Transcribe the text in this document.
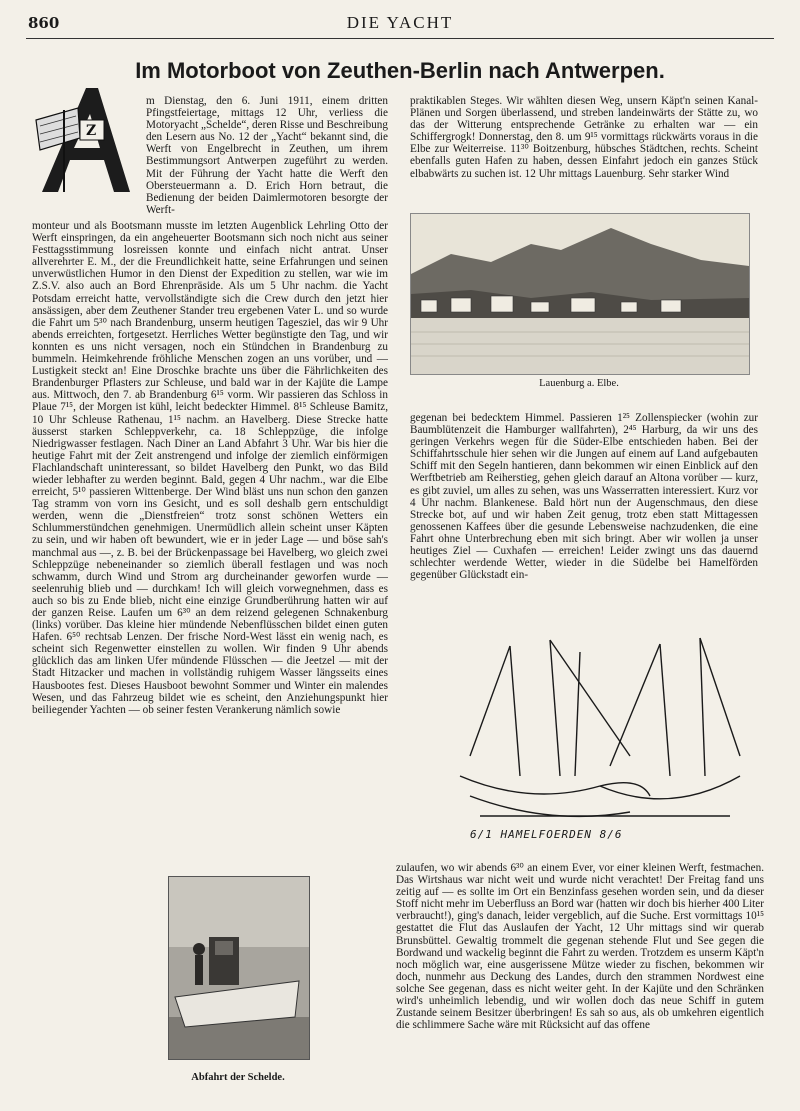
860	DIE YACHT
Im Motorboot von Zeuthen-Berlin nach Antwerpen.
Z

m Dienstag, den 6. Juni 1911, einem dritten Pfingstfeiertage, mittags 12 Uhr, verliess die Motoryacht „Schelde“, deren Risse und Beschreibung den Lesern aus No. 12 der „Yacht“ bekannt sind, die Werft von Engelbrecht in Zeuthen, um ihrem Bestimmungsort Antwerpen zugeführt zu werden. Mit der Führung der Yacht hatte die Werft den Obersteuermann a. D. Erich Horn betraut, die Bedienung der beiden Daimlermotoren besorgte der Werft-

monteur und als Bootsmann musste im letzten Augenblick Lehrling Otto der Werft einspringen, da ein angeheuerter Bootsmann sich noch nicht aus seiner Festtagsstimmung losreissen konnte und einfach nicht antrat. Unser allverehrter E. M., der die Freundlichkeit hatte, seine Erfahrungen und seinen unverwüstlichen Humor in den Dienst der Expedition zu stellen, war wie im Z.S.V. also auch an Bord Ehrenpräside. Als um 5 Uhr nachm. die Yacht Potsdam erreicht hatte, vervollständigte sich die Crew durch den jetzt hier ansässigen, aber dem Zeuthener Stander treu ergebenen Vater L. und so wurde die Fahrt um 5³⁰ nach Brandenburg, unserm heutigen Tagesziel, das wir 9 Uhr abends erreichten, fortgesetzt. Herrliches Wetter begünstigte den Tag, und wir konnten es uns nicht versagen, noch ein Stündchen in Brandenburg zu bummeln. Heimkehrende fröhliche Menschen zogen an uns vorüber, und — Lustigkeit steckt an! Eine Droschke brachte uns über die Fährlichkeiten des Brandenburger Pflasters zur Schleuse, und bald war in der Kajüte die Lampe aus. Mittwoch, den 7. ab Brandenburg 6¹⁵ vorm. Wir passieren das Schloss in Plaue 7¹⁵, der Morgen ist kühl, leicht bedeckter Himmel. 8¹⁵ Schleuse Bamitz, 10 Uhr Schleuse Rathenau, 1¹⁵ nachm. an Havelberg. Diese Strecke hatte äusserst starken Schleppverkehr, ca. 18 Schleppzüge, die infolge Niedrigwasser festlagen. Nach Diner an Land Abfahrt 3 Uhr. War bis hier die heutige Fahrt mit der Zeit anstrengend und infolge der ziemlich einförmigen Flachlandschaft uninteressant, so bildet Havelberg den Punkt, wo das Bild wieder lebhafter zu werden beginnt. Bald, gegen 4 Uhr nachm., war die Elbe erreicht, 5¹⁰ passieren Wittenberge. Der Wind bläst uns nun schon den ganzen Tag stramm von vorn ins Gesicht, und es soll deshalb gern entschuldigt werden, wenn die „Dienstfreien“ trotz sonst schönen Wetters ein Schlummerstündchen genehmigen. Unermüdlich allein scheint unser Käpten zu sein, und wir haben oft bewundert, wie er in jeder Lage — und böse sah's manchmal aus —, z. B. bei der Brückenpassage bei Havelberg, wo gleich zwei Schleppzüge nebeneinander so ziemlich überall festlagen und was noch schwamm, durch Wind und Strom arg durcheinander geworfen wurde — seelenruhig blieb und — durchkam! Ich will gleich vorwegnehmen, dass es auch so bis zu Ende blieb, nicht eine einzige Grundberührung hatten wir auf der ganzen Reise. Laufen um 6³⁰ an dem reizend gelegenen Schnakenburg (links) vorüber. Das kleine hier mündende Nebenflüsschen bildet einen guten Hafen. 6⁵⁰ rechtsab Lenzen. Der frische Nord-West lässt ein wenig nach, es scheint sich Regenwetter einstellen zu wollen. Wir finden 9 Uhr abends glücklich das am linken Ufer mündende Flüsschen — die Jeetzel — mit der Stadt Hitzacker und machen in vollständig ruhigem Wasser längsseits eines Hausbootes fest. Dieses Hausboot bewohnt Sommer und Winter ein malendes Wesen, und das Fahrzeug bildet wie es scheint, den Anziehungspunkt hier beiliegender Yachten — ob seiner festen Verankerung nämlich sowie

Abfahrt der Schelde.

praktikablen Steges. Wir wählten diesen Weg, unsern Käpt'n seinen Kanal-Plänen und Sorgen überlassend, und streben landeinwärts der Stätte zu, wo das der Witterung entsprechende Getränke zu erhalten war — ein Schiffergrogk! Donnerstag, den 8. um 9¹⁵ vormittags rückwärts voraus in die Elbe zur Weiterreise. 11³⁰ Boitzenburg, hübsches Städtchen, rechts. Scheint ebenfalls guten Hafen zu haben, dessen Einfahrt jedoch ein ganzes Stück elbabwärts zu suchen ist. 12 Uhr mittags Lauenburg. Sehr starker Wind

Lauenburg a. Elbe.

gegenan bei bedecktem Himmel. Passieren 1²⁵ Zollenspiecker (wohin zur Baumblütenzeit die Hamburger wallfahrten), 2⁴⁵ Harburg, da wir uns des geringen Verkehrs wegen für die Süder-Elbe entschieden haben. Bei der Schiffahrtsschule hier sehen wir die Jungen auf einem auf Land aufgebauten Schiff mit den Segeln hantieren, dann bekommen wir einen Einblick auf den Werftbetrieb am Reiherstieg, gehen gleich darauf an Altona vorüber — kurz, es gibt zuviel, um alles zu sehen, was uns Wasserratten interessiert. Kurz vor 4 Uhr nachm. Blankenese. Bald hört nun der Augenschmaus, den diese Strecke bot, auf und wir haben Zeit genug, trotz eben statt Mittagessen genossenen Kaffees über die gesunde Lebensweise nachzudenken, die eine Fahrt ohne Unterbrechung eben mit sich bringt. Aber wir wollen ja unser heutiges Ziel — Cuxhafen — erreichen! Leider zwingt uns das dauernd schlechter werdende Wetter, wieder in die Südelbe bei Hamelförden gegenüber Glückstadt ein-

6/1 HAMELFOERDEN 8/6

zulaufen, wo wir abends 6³⁰ an einem Ever, vor einer kleinen Werft, festmachen. Das Wirtshaus war nicht weit und wurde nicht verachtet! Der Freitag fand uns zeitig auf — es sollte im Ort ein Benzinfass gesehen worden sein, und da dieser Stoff nicht mehr im Ueberfluss an Bord war (hatten wir doch bis hierher 400 Liter verbraucht!), ging's danach, leider vergeblich, auf die Suche. Erst vormittags 10¹⁵ gestattet die Flut das Auslaufen der Yacht, 12 Uhr mittags sind wir querab Brunsbüttel. Gewaltig trommelt die gegenan stehende Flut und See gegen die Bordwand und wackelig beginnt die Fahrt zu werden. Trotzdem es unserm Käpt'n noch möglich war, eine ausgerissene Mütze wieder zu fischen, bekommen wir doch, nunmehr aus Deckung des Landes, durch den strammen Nordwest eine solche See gegenan, dass es nicht weiter geht. In der Kajüte und den Schränken wird's unheimlich lebendig, und wir wollen doch das neue Schiff in gutem Zustande seinem Besitzer überbringen! Es sah so aus, als ob umkehren eigentlich die schlimmere Sache wäre mit Rücksicht auf das offene
